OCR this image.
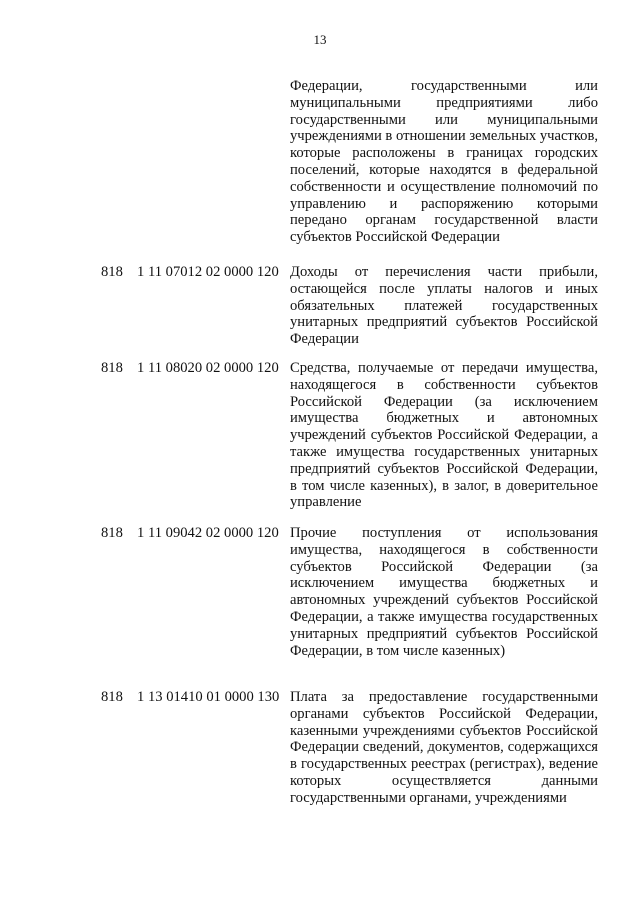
13
Федерации, государственными или муниципальными предприятиями либо государственными или муниципальными учреждениями в отношении земельных участков, которые расположены в границах городских поселений, которые находятся в федеральной собственности и осуществление полномочий по управлению и распоряжению которыми передано органам государственной власти субъектов Российской Федерации
818 1 11 07012 02 0000 120 Доходы от перечисления части прибыли, остающейся после уплаты налогов и иных обязательных платежей государственных унитарных предприятий субъектов Российской Федерации
818 1 11 08020 02 0000 120 Средства, получаемые от передачи имущества, находящегося в собственности субъектов Российской Федерации (за исключением имущества бюджетных и автономных учреждений субъектов Российской Федерации, а также имущества государственных унитарных предприятий субъектов Российской Федерации, в том числе казенных), в залог, в доверительное управление
818 1 11 09042 02 0000 120 Прочие поступления от использования имущества, находящегося в собственности субъектов Российской Федерации (за исключением имущества бюджетных и автономных учреждений субъектов Российской Федерации, а также имущества государственных унитарных предприятий субъектов Российской Федерации, в том числе казенных)
818 1 13 01410 01 0000 130 Плата за предоставление государственными органами субъектов Российской Федерации, казенными учреждениями субъектов Российской Федерации сведений, документов, содержащихся в государственных реестрах (регистрах), ведение которых осуществляется данными государственными органами, учреждениями
